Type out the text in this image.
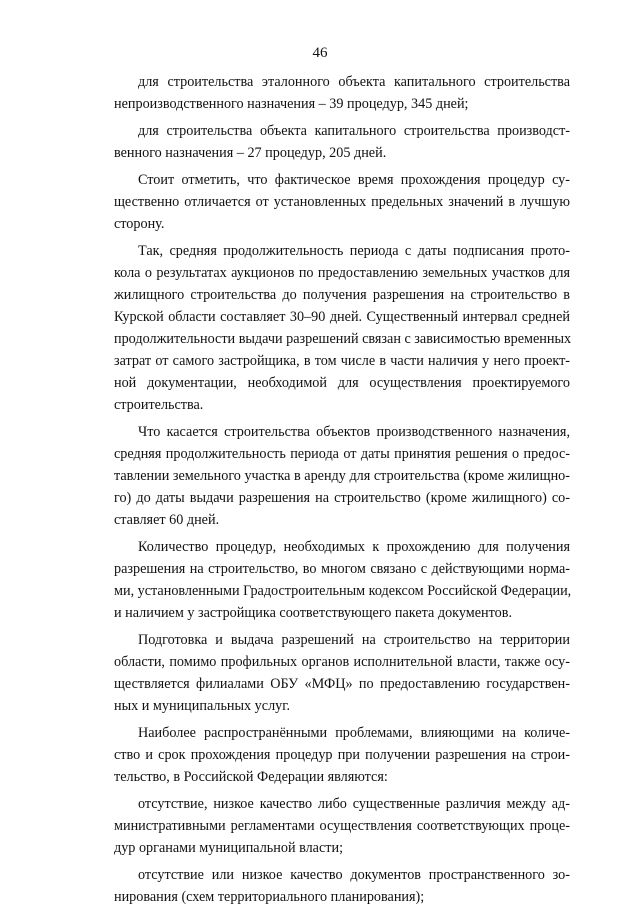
46

для строительства эталонного объекта капитального строительства
непроизводственного назначения – 39 процедур, 345 дней;

для строительства объекта капитального строительства производст-
венного назначения – 27 процедур, 205 дней.

Стоит отметить, что фактическое время прохождения процедур су-
щественно отличается от установленных предельных значений в лучшую
сторону.

Так, средняя продолжительность периода с даты подписания прото-
кола о результатах аукционов по предоставлению земельных участков для
жилищного строительства до получения разрешения на строительство в
Курской области составляет 30–90 дней. Существенный интервал средней
продолжительности выдачи разрешений связан с зависимостью временных
затрат от самого застройщика, в том числе в части наличия у него проект-
ной документации, необходимой для осуществления проектируемого
строительства.

Что касается строительства объектов производственного назначения,
средняя продолжительность периода от даты принятия решения о предос-
тавлении земельного участка в аренду для строительства (кроме жилищно-
го) до даты выдачи разрешения на строительство (кроме жилищного) со-
ставляет 60 дней.

Количество процедур, необходимых к прохождению для получения
разрешения на строительство, во многом связано с действующими норма-
ми, установленными Градостроительным кодексом Российской Федерации,
и наличием у застройщика соответствующего пакета документов.

Подготовка и выдача разрешений на строительство на территории
области, помимо профильных органов исполнительной власти, также осу-
ществляется филиалами ОБУ «МФЦ» по предоставлению государствен-
ных и муниципальных услуг.

Наиболее распространёнными проблемами, влияющими на количе-
ство и срок прохождения процедур при получении разрешения на строи-
тельство, в Российской Федерации являются:

отсутствие, низкое качество либо существенные различия между ад-
министративными регламентами осуществления соответствующих проце-
дур органами муниципальной власти;

отсутствие или низкое качество документов пространственного зо-
нирования (схем территориального планирования);
